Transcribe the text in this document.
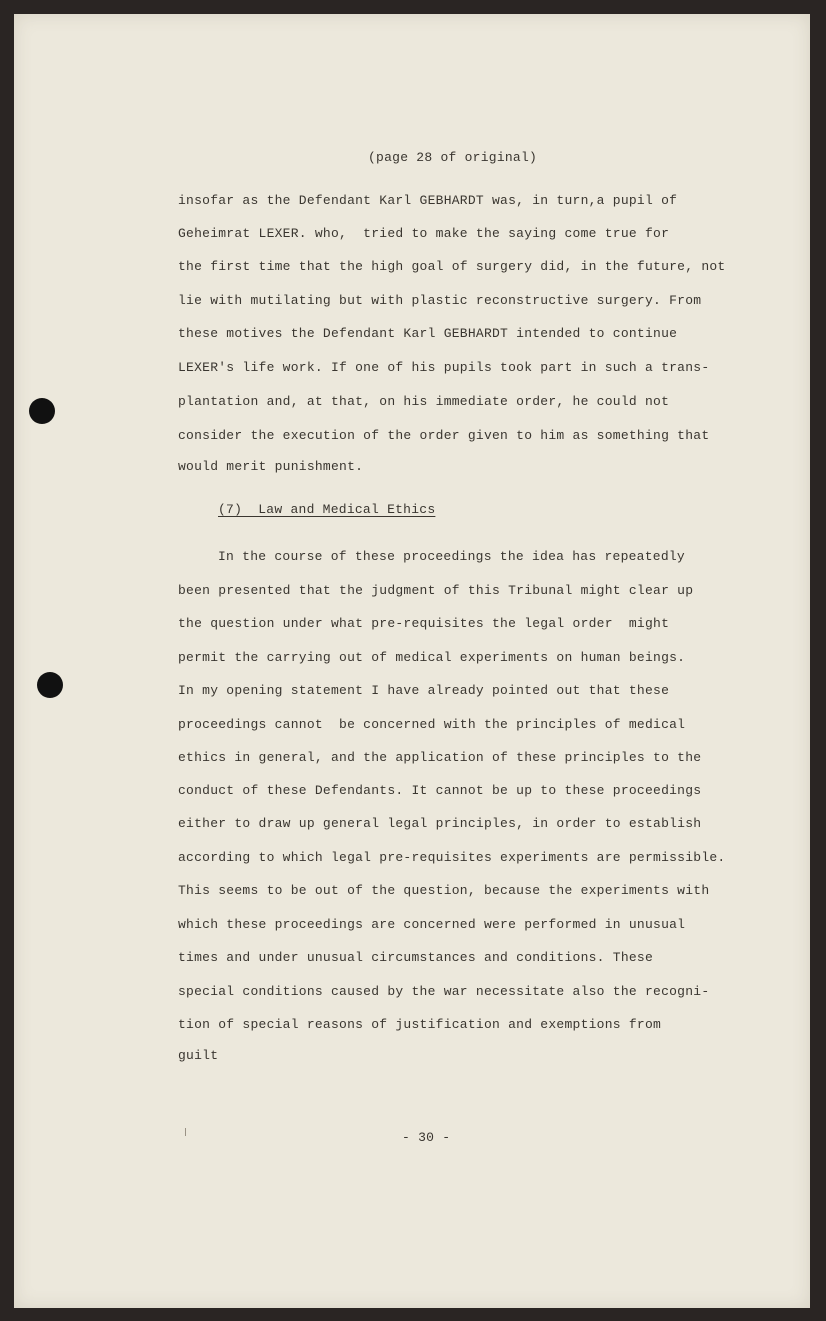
(page 28 of original)
insofar as the Defendant Karl GEBHARDT was, in turn,a pupil of
Geheimrat LEXER. who,  tried to make the saying come true for
the first time that the high goal of surgery did, in the future, not
lie with mutilating but with plastic reconstructive surgery. From
these motives the Defendant Karl GEBHARDT intended to continue
LEXER's life work. If one of his pupils took part in such a trans-
plantation and, at that, on his immediate order, he could not
consider the execution of the order given to him as something that
would merit punishment.
(7)  Law and Medical Ethics
In the course of these proceedings the idea has repeatedly
been presented that the judgment of this Tribunal might clear up
the question under what pre-requisites the legal order  might
permit the carrying out of medical experiments on human beings.
In my opening statement I have already pointed out that these
proceedings cannot  be concerned with the principles of medical
ethics in general, and the application of these principles to the
conduct of these Defendants. It cannot be up to these proceedings
either to draw up general legal principles, in order to establish
according to which legal pre-requisites experiments are permissible.
This seems to be out of the question, because the experiments with
which these proceedings are concerned were performed in unusual
times and under unusual circumstances and conditions. These
special conditions caused by the war necessitate also the recogni-
tion of special reasons of justification and exemptions from
guilt
- 30 -
